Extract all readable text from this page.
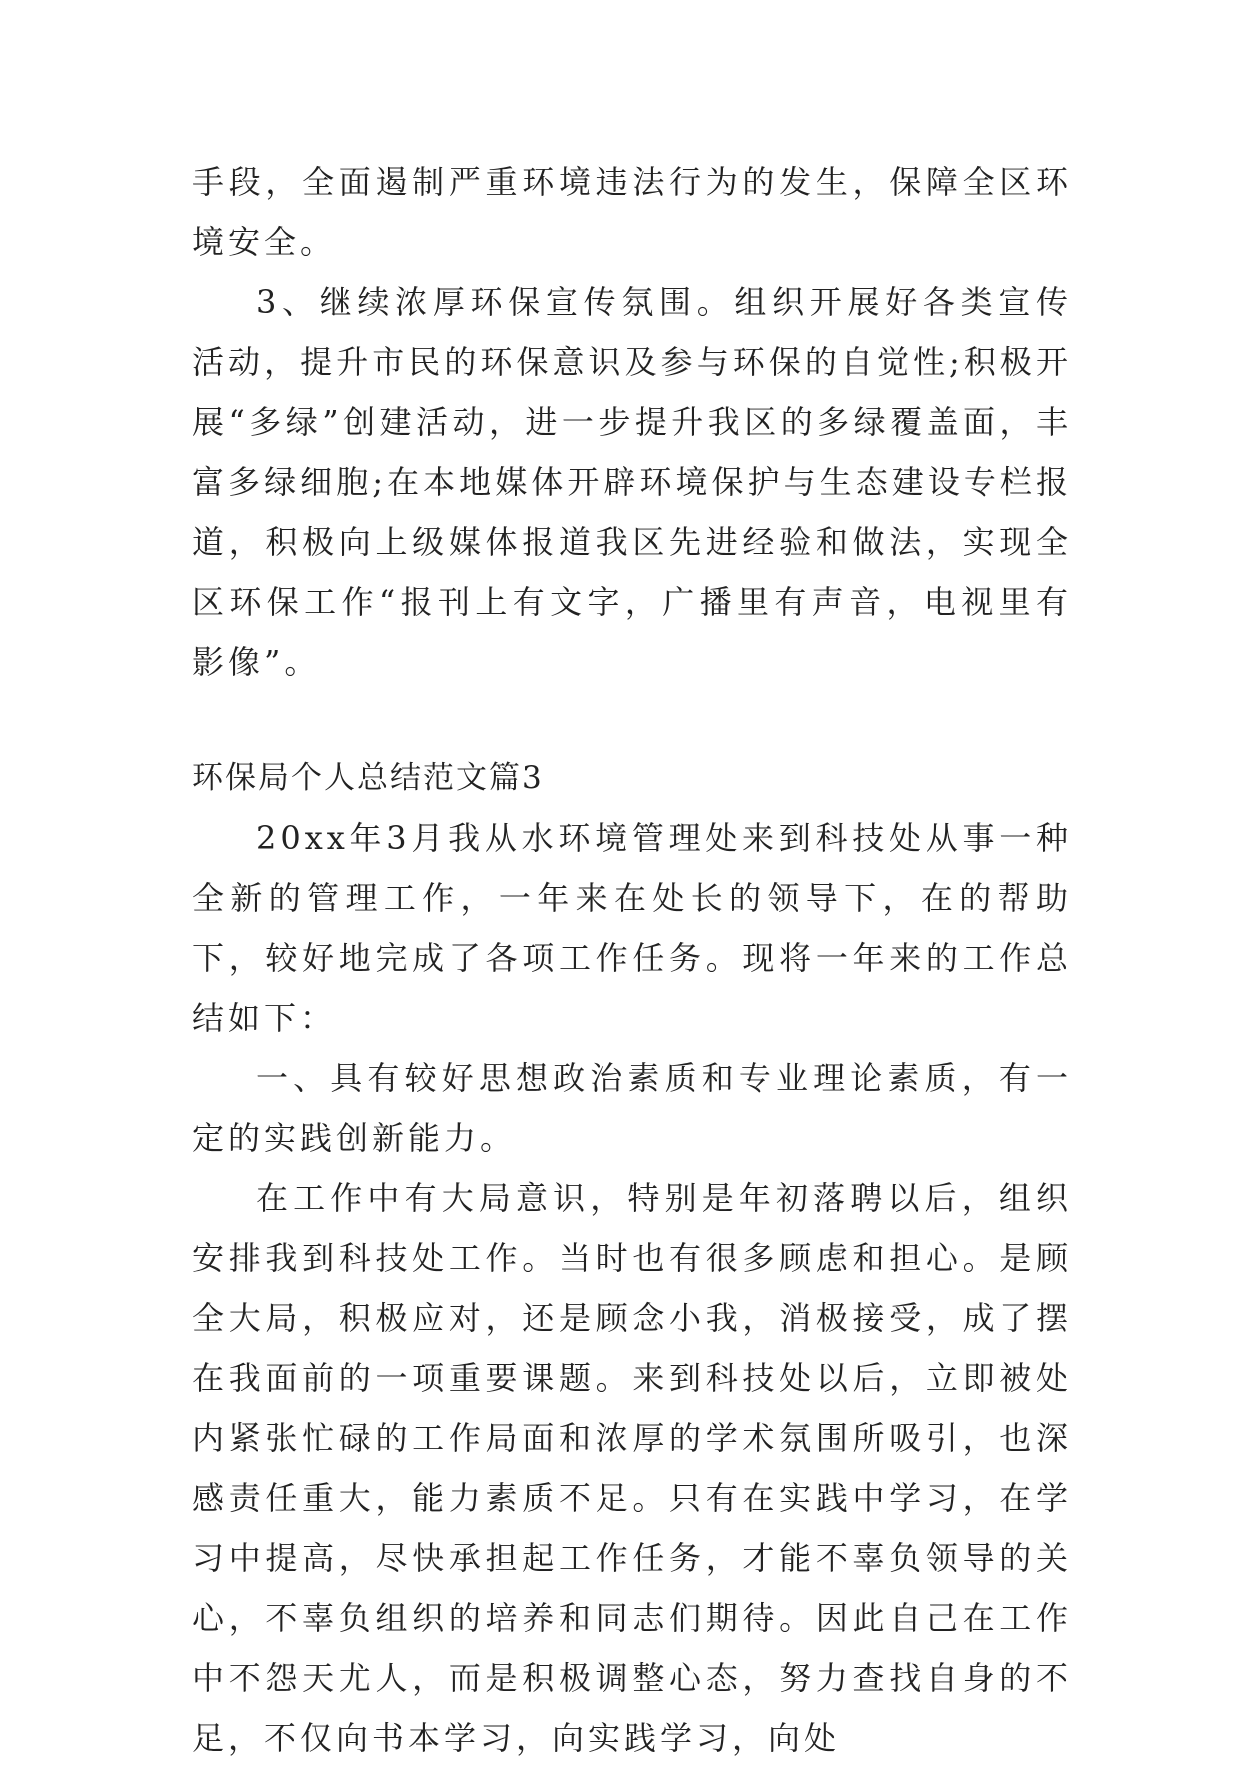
手段，全面遏制严重环境违法行为的发生，保障全区环境安全。

3、继续浓厚环保宣传氛围。组织开展好各类宣传活动，提升市民的环保意识及参与环保的自觉性;积极开展“多绿”创建活动，进一步提升我区的多绿覆盖面，丰富多绿细胞;在本地媒体开辟环境保护与生态建设专栏报道，积极向上级媒体报道我区先进经验和做法，实现全区环保工作“报刊上有文字，广播里有声音，电视里有影像”。

环保局个人总结范文篇3

20xx年3月我从水环境管理处来到科技处从事一种全新的管理工作，一年来在处长的领导下，在的帮助下，较好地完成了各项工作任务。现将一年来的工作总结如下：

一、具有较好思想政治素质和专业理论素质，有一定的实践创新能力。

在工作中有大局意识，特别是年初落聘以后，组织安排我到科技处工作。当时也有很多顾虑和担心。是顾全大局，积极应对，还是顾念小我，消极接受，成了摆在我面前的一项重要课题。来到科技处以后，立即被处内紧张忙碌的工作局面和浓厚的学术氛围所吸引，也深感责任重大，能力素质不足。只有在实践中学习，在学习中提高，尽快承担起工作任务，才能不辜负领导的关心，不辜负组织的培养和同志们期待。因此自己在工作中不怨天尤人，而是积极调整心态，努力查找自身的不足，不仅向书本学习，向实践学习，向处
